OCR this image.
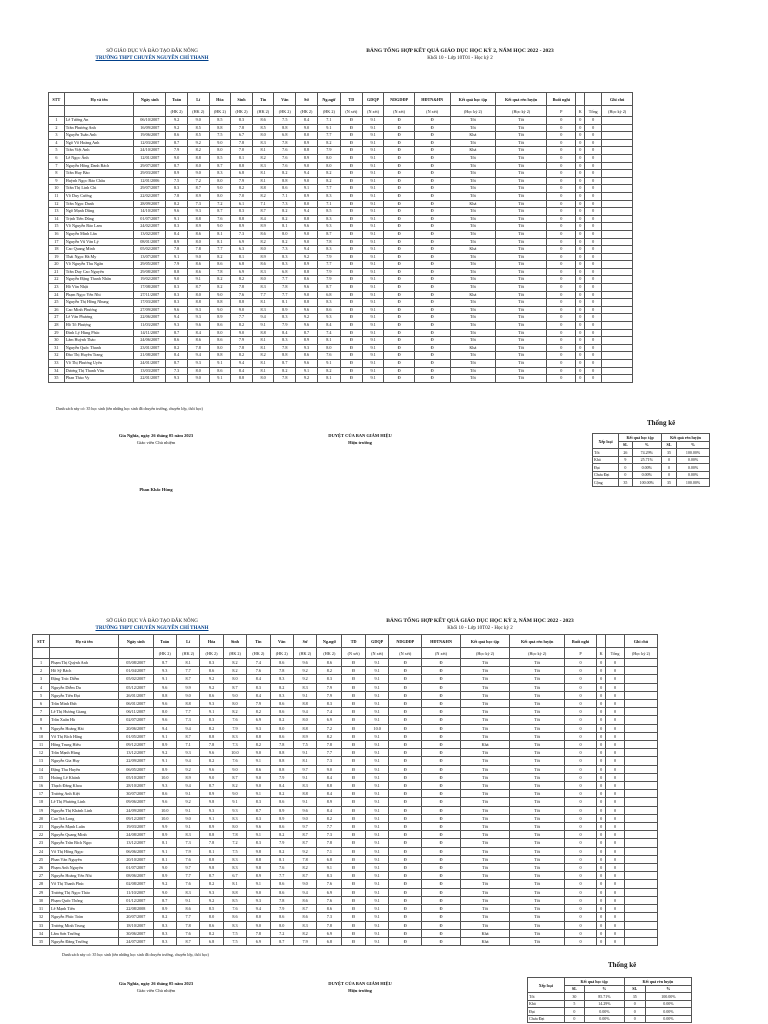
SỞ GIÁO DỤC VÀ ĐÀO TẠO ĐẮK NÔNG
TRƯỜNG THPT CHUYÊN NGUYỄN CHÍ THANH
BẢNG TỔNG HỢP KẾT QUẢ GIÁO DỤC HỌC KỲ 2, NĂM HỌC 2022 - 2023
Khối 10 - Lớp 10T01 - Học kỳ 2
STT	Họ và tên	Ngày sinh	Toán	Lí	Hóa	Sinh	Tin	Văn	Sử	Ng.ngữ	TD	GDQP	NDGDĐP	HĐTN&HN	Kết quả học tập	Kết quả rèn luyện	Buổi nghỉ			Ghi chú
			(HK 2)	(HK 2)	(HK 2)	(HK 2)	(HK 2)	(HK 2)	(HK 2)	(HK 2)	(N xét)	(N xét)	(N xét)	(N xét)	(Học kỳ 2)	(Học kỳ 2)	P	K	Tổng	(Học kỳ 2)
1	Lê Tường An	06/10/2007	9.2	9.0	8.5	8.3	8.6	7.5	8.4	7.1	Đ	9.1	Đ	Đ	Tốt	Tốt	0	0	0	
2	Trần Phương Anh	16/09/2007	9.2	8.5	8.8	7.8	8.5	8.8	9.0	9.1	Đ	9.1	Đ	Đ	Tốt	Tốt	0	0	0	
3	Nguyễn Tuấn Anh	19/06/2007	8.6	8.5	7.5	6.7	8.0	6.8	8.0	7.7	Đ	9.1	Đ	Đ	Khá	Tốt	0	0	0	
4	Ngô Võ Hoàng Anh	12/03/2007	8.7	9.2	9.0	7.8	8.3	7.8	8.9	8.2	Đ	9.1	Đ	Đ	Tốt	Tốt	0	0	0	
5	Trần Việt Anh	24/10/2007	7.9	8.2	8.0	7.0	8.1	7.6	8.8	7.9	Đ	9.1	Đ	Đ	Khá	Tốt	0	0	0	
6	Lê Ngọc Ánh	12/01/2007	9.0	8.8	8.5	8.1	8.2	7.6	8.9	8.0	Đ	9.1	Đ	Đ	Tốt	Tốt	0	0	0	
7	Nguyễn Hồng Danh Bách	29/07/2007	8.7	8.0	8.7	8.8	8.3	7.6	9.0	8.0	Đ	9.1	Đ	Đ	Tốt	Tốt	0	0	0	
8	Trần Huy Bảo	29/03/2007	8.9	9.0	8.3	6.8	8.1	8.2	9.4	8.2	Đ	9.1	Đ	Đ	Tốt	Tốt	0	0	0	
9	Huỳnh Ngọc Bảo Châu	12/01/2006	7.5	7.2	8.0	7.9	8.1	8.8	9.0	8.2	Đ	9.1	Đ	Đ	Tốt	Tốt	0	0	0	
10	Trần Thị Linh Chi	29/07/2007	8.3	8.7	9.0	8.2	8.8	8.6	9.1	7.7	Đ	9.1	Đ	Đ	Tốt	Tốt	0	0	0	
11	Võ Duy Cường	22/02/2007	7.8	8.9	8.0	7.0	8.2	7.1	8.9	8.3	Đ	9.1	Đ	Đ	Tốt	Tốt	0	0	0	
12	Trần Ngọc Danh	28/09/2007	8.2	7.3	7.2	6.1	7.1	7.3	8.0	7.1	Đ	9.1	Đ	Đ	Khá	Tốt	0	0	0	
13	Ngô Mạnh Dũng	14/10/2007	9.6	9.3	8.7	8.3	8.7	8.2	9.4	8.5	Đ	9.1	Đ	Đ	Tốt	Tốt	0	0	0	
14	Trịnh Tiến Dũng	01/07/2007	9.1	8.8	7.6	8.8	8.4	8.2	8.8	8.3	Đ	9.1	Đ	Đ	Tốt	Tốt	0	0	0	
15	Võ Nguyễn Bảo Lam	24/02/2007	8.3	8.9	9.0	8.9	8.9	8.1	9.6	9.3	Đ	9.1	Đ	Đ	Tốt	Tốt	0	0	0	
16	Nguyễn Minh Lân	13/02/2007	8.4	8.6	8.1	7.3	8.6	8.0	9.0	8.7	Đ	9.1	Đ	Đ	Tốt	Tốt	0	0	0	
17	Nguyễn Vũ Văn Lý	08/01/2007	8.9	8.0	8.1	6.9	8.2	8.2	9.0	7.8	Đ	9.1	Đ	Đ	Tốt	Tốt	0	0	0	
18	Cao Quang Minh	05/02/2007	7.8	7.8	7.7	6.3	8.0	7.3	9.4	8.3	Đ	9.1	Đ	Đ	Khá	Tốt	0	0	0	
19	Thái Ngọc Hà My	13/07/2007	9.1	9.0	8.2	8.1	8.9	8.3	9.2	7.9	Đ	9.1	Đ	Đ	Tốt	Tốt	0	0	0	
20	Võ Nguyễn Thu Ngân	29/05/2007	7.9	8.6	8.6	6.8	8.6	8.3	8.9	7.7	Đ	9.1	Đ	Đ	Tốt	Tốt	0	0	0	
21	Trần Duy Cao Nguyên	29/08/2007	8.8	8.6	7.8	6.9	8.3	6.8	8.8	7.9	Đ	9.1	Đ	Đ	Tốt	Tốt	0	0	0	
22	Nguyễn Đặng Thanh Nhân	19/02/2007	9.0	9.1	8.2	8.2	8.0	7.7	8.6	7.9	Đ	9.1	Đ	Đ	Tốt	Tốt	0	0	0	
23	Hồ Văn Nhật	17/08/2007	8.3	8.7	8.2	7.8	8.3	7.8	9.6	8.7	Đ	9.1	Đ	Đ	Tốt	Tốt	0	0	0	
24	Phạm Ngọc Yến Nhi	27/11/2007	8.3	8.0	9.0	7.6	7.7	7.7	9.0	6.8	Đ	9.1	Đ	Đ	Khá	Tốt	0	0	0	
25	Nguyễn Thị Hồng Nhung	17/03/2007	8.3	8.8	8.8	8.8	8.1	8.1	8.8	8.3	Đ	9.1	Đ	Đ	Tốt	Tốt	0	0	0	
26	Cao Minh Phương	27/09/2007	9.6	9.3	9.0	9.0	8.3	8.9	9.6	8.6	Đ	9.1	Đ	Đ	Tốt	Tốt	0	0	0	
27	Lê Văn Phương	22/06/2007	9.4	9.3	8.9	7.7	9.4	8.3	9.2	9.3	Đ	9.1	Đ	Đ	Tốt	Tốt	0	0	0	
28	Hồ Tố Phượng	11/03/2007	9.3	9.6	8.6	8.2	9.1	7.9	9.6	8.4	Đ	9.1	Đ	Đ	Tốt	Tốt	0	0	0	
29	Đinh Lý Hùng Phúc	14/11/2007	8.7	8.4	8.0	9.0	8.8	8.4	8.7	7.4	Đ	9.1	Đ	Đ	Tốt	Tốt	0	0	0	
30	Lâm Huỳnh Thảo	24/06/2007	8.6	8.6	8.6	7.9	8.1	8.3	8.9	8.1	Đ	9.1	Đ	Đ	Tốt	Tốt	0	0	0	
31	Nguyễn Quốc Thanh	23/01/2007	8.2	7.8	8.0	7.8	8.1	7.8	9.3	8.0	Đ	9.1	Đ	Đ	Khá	Tốt	0	0	0	
32	Đào Thị Huyền Trang	21/08/2007	8.4	9.4	8.8	8.2	8.2	8.8	8.6	7.6	Đ	9.1	Đ	Đ	Tốt	Tốt	0	0	0	
33	Võ Thị Phương Uyên	24/01/2007	8.7	9.3	9.1	9.4	8.1	8.7	9.6	9.1	Đ	9.1	Đ	Đ	Tốt	Tốt	0	0	0	
34	Dương Thị Thanh Vân	13/03/2007	7.3	8.0	8.6	8.4	8.1	8.2	9.1	8.2	Đ	9.1	Đ	Đ	Tốt	Tốt	0	0	0	
35	Phan Thảo Vy	22/01/2007	9.3	9.0	9.1	8.8	8.0	7.8	9.2	8.1	Đ	9.1	Đ	Đ	Tốt	Tốt	0	0	0	
Danh sách này có: 35 học sinh (tên những học sinh đã chuyển trường, chuyển lớp, thôi học)
Gia Nghĩa, ngày 26 tháng 05 năm 2023
Giáo viên Chủ nhiệm
Phan Khắc Hùng
DUYỆT CỦA BAN GIÁM HIỆU
Hiệu trưởng
Thống kê
Xếp loại	Kết quả học tập		Kết quả rèn luyện	
	SL	%	SL	%
Tốt	26	74.29%	35	100.00%
Khá	9	25.71%	0	0.00%
Đạt	0	0.00%	0	0.00%
Chưa Đạt	0	0.00%	0	0.00%
Cộng	35	100.00%	35	100.00%
SỞ GIÁO DỤC VÀ ĐÀO TẠO ĐẮK NÔNG
TRƯỜNG THPT CHUYÊN NGUYỄN CHÍ THANH
BẢNG TỔNG HỢP KẾT QUẢ GIÁO DỤC HỌC KỲ 2, NĂM HỌC 2022 - 2023
Khối 10 - Lớp 10T02 - Học kỳ 2
STT	Họ và tên	Ngày sinh	Toán	Lí	Hóa	Sinh	Tin	Văn	Sử	Ng.ngữ	TD	GDQP	NDGDĐP	HĐTN&HN	Kết quả học tập	Kết quả rèn luyện	Buổi nghỉ			Ghi chú
			(HK 2)	(HK 2)	(HK 2)	(HK 2)	(HK 2)	(HK 2)	(HK 2)	(HK 2)	(N xét)	(N xét)	(N xét)	(N xét)	(Học kỳ 2)	(Học kỳ 2)	P	K	Tổng	(Học kỳ 2)
1	Phạm Thị Quỳnh Anh	05/08/2007	8.7	8.1	8.3	8.2	7.4	8.6	9.6	8.6	Đ	9.1	Đ	Đ	Tốt	Tốt	0	0	0	
2	Hồ Sỹ Bách	01/04/2007	9.3	7.7	8.6	8.2	7.6	7.8	9.2	8.2	Đ	9.1	Đ	Đ	Tốt	Tốt	0	0	0	
3	Đặng Trúc Diễm	05/02/2007	9.1	8.7	9.2	8.0	8.4	8.3	9.2	8.3	Đ	9.1	Đ	Đ	Tốt	Tốt	0	0	0	
4	Nguyễn Diễm Du	05/12/2007	9.6	9.9	9.2	8.7	8.3	8.2	8.3	7.9	Đ	9.1	Đ	Đ	Tốt	Tốt	0	0	0	
5	Nguyễn Tiến Đạt	26/01/2007	8.8	9.0	8.6	9.0	8.4	8.3	9.1	7.9	Đ	9.1	Đ	Đ	Tốt	Tốt	0	0	0	
6	Trần Minh Đức	06/01/2007	9.6	8.8	9.3	8.0	7.9	8.6	8.8	8.3	Đ	9.1	Đ	Đ	Tốt	Tốt	0	0	0	
7	Lê Thị Hương Giang	06/11/2007	8.0	7.7	9.1	8.2	8.2	8.6	9.4	7.4	Đ	9.1	Đ	Đ	Tốt	Tốt	0	0	0	
8	Trần Xuân Hà	02/07/2007	9.6	7.3	8.3	7.6	6.9	8.2	8.0	6.9	Đ	9.1	Đ	Đ	Tốt	Tốt	0	0	0	
9	Nguyễn Hoàng Hải	20/06/2007	9.4	9.4	8.2	7.9	9.3	8.0	8.8	7.2	Đ	10.0	Đ	Đ	Tốt	Tốt	0	0	0	
10	Võ Thị Bích Hằng	01/05/2007	9.1	8.7	8.8	8.3	8.8	8.6	8.9	8.2	Đ	9.1	Đ	Đ	Tốt	Tốt	0	0	0	
11	Hồng Trung Hiếu	09/12/2007	8.9	7.1	7.8	7.3	8.2	7.8	7.5	7.8	Đ	9.1	Đ	Đ	Khá	Tốt	0	0	0	
12	Trần Mạnh Hùng	13/12/2007	9.2	9.3	9.6	10.0	9.0	8.8	9.1	7.7	Đ	9.1	Đ	Đ	Tốt	Tốt	0	0	0	
13	Nguyễn Gia Huy	22/09/2007	9.1	9.4	8.2	7.6	9.1	8.8	8.1	7.3	Đ	9.1	Đ	Đ	Tốt	Tốt	0	0	0	
14	Đặng Thu Huyền	06/05/2007	8.9	9.2	9.6	9.0	8.6	8.8	9.7	9.0	Đ	9.1	Đ	Đ	Tốt	Tốt	0	0	0	
15	Hoàng Lê Khánh	05/10/2007	10.0	8.9	9.0	8.7	9.0	7.9	9.1	8.4	Đ	9.1	Đ	Đ	Tốt	Tốt	0	0	0	
16	Thạch Đăng Khoa	28/10/2007	9.3	9.4	8.7	8.2	9.0	8.4	8.3	8.8	Đ	9.1	Đ	Đ	Tốt	Tốt	0	0	0	
17	Trương Anh Kiệt	30/07/2007	8.6	9.1	8.9	9.0	9.1	8.2	8.8	8.4	Đ	9.1	Đ	Đ	Tốt	Tốt	0	0	0	
18	Lê Thị Phương Linh	09/06/2007	9.6	9.2	9.8	9.1	8.3	8.6	9.1	8.9	Đ	9.1	Đ	Đ	Tốt	Tốt	0	0	0	
19	Nguyễn Thị Khánh Linh	24/09/2007	10.0	9.1	9.3	9.3	8.7	8.9	9.6	8.4	Đ	9.1	Đ	Đ	Tốt	Tốt	0	0	0	
20	Cao Trà Long	09/12/2007	10.0	9.0	9.1	8.3	8.3	8.9	9.0	8.2	Đ	9.1	Đ	Đ	Tốt	Tốt	0	0	0	
21	Nguyễn Mạnh Luân	19/03/2007	9.9	9.1	8.9	8.0	9.6	8.6	9.7	7.7	Đ	9.1	Đ	Đ	Tốt	Tốt	0	0	0	
22	Nguyễn Quang Minh	24/08/2007	8.9	8.3	8.8	7.8	9.1	8.2	8.7	7.3	Đ	9.1	Đ	Đ	Tốt	Tốt	0	0	0	
23	Nguyễn Trần Bích Ngọc	13/12/2007	8.1	7.3	7.8	7.2	8.3	7.9	8.7	7.8	Đ	9.1	Đ	Đ	Tốt	Tốt	0	0	0	
24	Võ Thị Hồng Ngọc	06/06/2007	9.1	7.9	8.1	7.5	9.8	8.2	9.2	7.1	Đ	9.1	Đ	Đ	Tốt	Tốt	0	0	0	
25	Phan Văn Nguyên	20/10/2007	8.1	7.6	8.8	8.3	8.8	8.1	7.8	6.8	Đ	9.1	Đ	Đ	Tốt	Tốt	0	0	0	
26	Phạm Anh Nguyên	01/07/2007	9.0	9.7	9.8	8.3	9.8	7.6	8.2	9.1	Đ	9.1	Đ	Đ	Tốt	Tốt	0	0	0	
27	Nguyễn Hoàng Yến Nhi	08/06/2007	8.9	7.7	8.7	6.7	8.9	7.7	8.7	8.3	Đ	9.1	Đ	Đ	Tốt	Tốt	0	0	0	
28	Võ Thị Thanh Phúc	02/08/2007	9.2	7.6	8.2	8.1	9.1	8.6	9.0	7.6	Đ	9.1	Đ	Đ	Tốt	Tốt	0	0	0	
29	Trương Thị Ngọc Thảo	11/10/2007	9.0	8.3	9.3	8.8	9.0	8.6	9.4	6.9	Đ	9.1	Đ	Đ	Tốt	Tốt	0	0	0	
30	Phạm Quốc Thông	01/12/2007	8.7	9.1	9.2	8.5	9.3	7.8	8.6	7.6	Đ	9.1	Đ	Đ	Tốt	Tốt	0	0	0	
31	Lê Mạnh Tiến	22/08/2008	8.9	8.6	8.5	7.6	9.4	7.9	8.7	8.6	Đ	9.1	Đ	Đ	Tốt	Tốt	0	0	0	
32	Nguyễn Phúc Toàn	20/07/2007	8.2	7.7	8.0	8.6	8.0	8.6	8.6	7.3	Đ	9.1	Đ	Đ	Tốt	Tốt	0	0	0	
33	Trương Minh Trung	18/10/2007	8.3	7.8	8.6	8.3	9.0	8.0	8.3	7.8	Đ	9.1	Đ	Đ	Tốt	Tốt	0	0	0	
34	Lâm Sơn Trường	30/06/2007	8.3	7.6	8.2	7.5	7.8	7.2	8.2	6.9	Đ	9.1	Đ	Đ	Khá	Tốt	0	0	0	
35	Nguyễn Đăng Trường	24/07/2007	8.3	8.7	6.8	7.5	6.9	8.7	7.9	6.8	Đ	9.1	Đ	Đ	Khá	Tốt	0	0	0	
Danh sách này có: 35 học sinh (tên những học sinh đã chuyển trường, chuyển lớp, thôi học)
Gia Nghĩa, ngày 26 tháng 05 năm 2023
Giáo viên Chủ nhiệm
DUYỆT CỦA BAN GIÁM HIỆU
Hiệu trưởng
Thống kê
Xếp loại	Kết quả học tập		Kết quả rèn luyện	
	SL	%	SL	%
Tốt	30	85.71%	35	100.00%
Khá	5	14.29%	0	0.00%
Đạt	0	0.00%	0	0.00%
Chưa Đạt	0	0.00%	0	0.00%
